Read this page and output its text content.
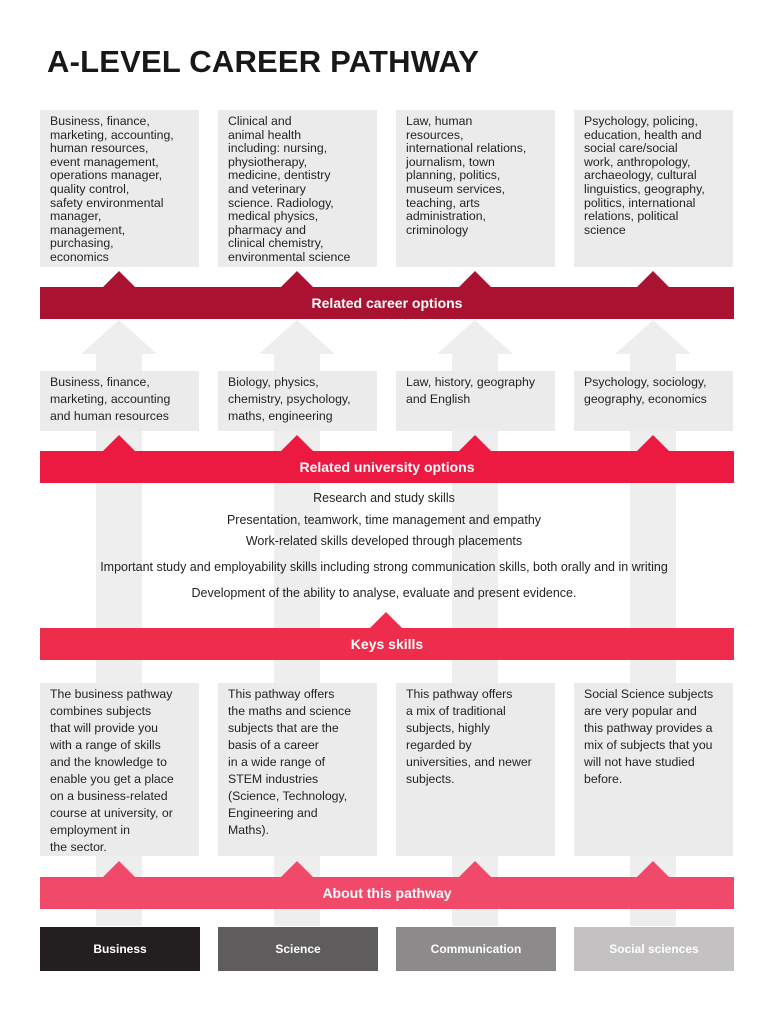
A-LEVEL CAREER PATHWAY
Business, finance,
marketing, accounting,
human resources,
event management,
operations manager,
quality control,
safety environmental
manager,
management,
purchasing,
economics
Clinical and
animal health
including: nursing,
physiotherapy,
medicine, dentistry
and veterinary
science. Radiology,
medical physics,
pharmacy and
clinical chemistry,
environmental science
Law, human
resources,
international relations,
journalism, town
planning, politics,
museum services,
teaching, arts
administration,
criminology
Psychology, policing,
education, health and
social care/social
work, anthropology,
archaeology, cultural
linguistics, geography,
politics, international
relations, political
science
Related career options
Business, finance,
marketing, accounting
and human resources
Biology, physics,
chemistry, psychology,
maths, engineering
Law, history, geography
and English
Psychology, sociology,
geography, economics
Related university options
Research and study skills
Presentation, teamwork, time management and empathy
Work-related skills developed through placements
Important study and employability skills including strong communication skills, both orally and in writing
Development of the ability to analyse, evaluate and present evidence.
Keys skills
The business pathway
combines subjects
that will provide you
with a range of skills
and the knowledge to
enable you get a place
on a business-related
course at university, or
employment in
the sector.
This pathway offers
the maths and science
subjects that are the
basis of a career
in a wide range of
STEM industries
(Science, Technology,
Engineering and
Maths).
This pathway offers
a mix of traditional
subjects, highly
regarded by
universities, and newer
subjects.
Social Science subjects
are very popular and
this pathway provides a
mix of subjects that you
will not have studied
before.
About this pathway
Business	Science	Communication	Social sciences
